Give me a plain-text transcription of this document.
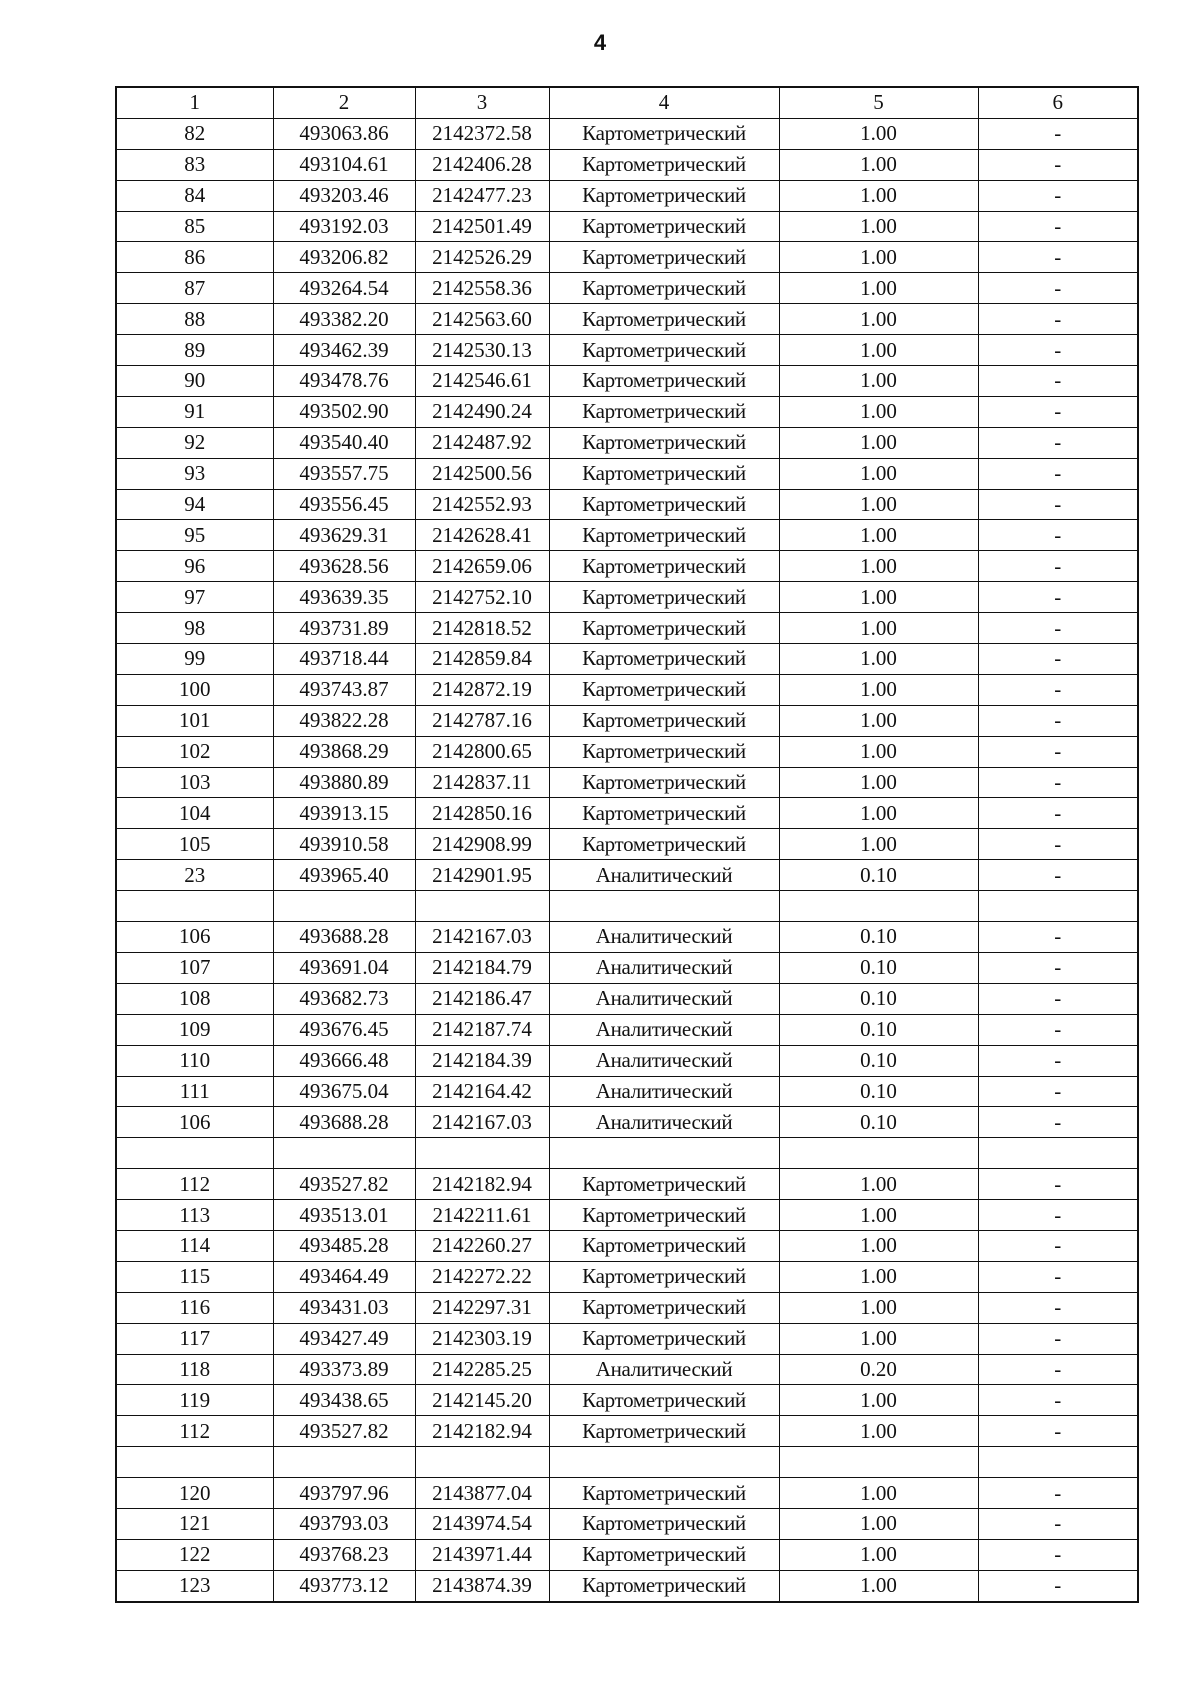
4
1	2	3	4	5	6
82	493063.86	2142372.58	Картометрический	1.00	-
83	493104.61	2142406.28	Картометрический	1.00	-
84	493203.46	2142477.23	Картометрический	1.00	-
85	493192.03	2142501.49	Картометрический	1.00	-
86	493206.82	2142526.29	Картометрический	1.00	-
87	493264.54	2142558.36	Картометрический	1.00	-
88	493382.20	2142563.60	Картометрический	1.00	-
89	493462.39	2142530.13	Картометрический	1.00	-
90	493478.76	2142546.61	Картометрический	1.00	-
91	493502.90	2142490.24	Картометрический	1.00	-
92	493540.40	2142487.92	Картометрический	1.00	-
93	493557.75	2142500.56	Картометрический	1.00	-
94	493556.45	2142552.93	Картометрический	1.00	-
95	493629.31	2142628.41	Картометрический	1.00	-
96	493628.56	2142659.06	Картометрический	1.00	-
97	493639.35	2142752.10	Картометрический	1.00	-
98	493731.89	2142818.52	Картометрический	1.00	-
99	493718.44	2142859.84	Картометрический	1.00	-
100	493743.87	2142872.19	Картометрический	1.00	-
101	493822.28	2142787.16	Картометрический	1.00	-
102	493868.29	2142800.65	Картометрический	1.00	-
103	493880.89	2142837.11	Картометрический	1.00	-
104	493913.15	2142850.16	Картометрический	1.00	-
105	493910.58	2142908.99	Картометрический	1.00	-
23	493965.40	2142901.95	Аналитический	0.10	-

106	493688.28	2142167.03	Аналитический	0.10	-
107	493691.04	2142184.79	Аналитический	0.10	-
108	493682.73	2142186.47	Аналитический	0.10	-
109	493676.45	2142187.74	Аналитический	0.10	-
110	493666.48	2142184.39	Аналитический	0.10	-
111	493675.04	2142164.42	Аналитический	0.10	-
106	493688.28	2142167.03	Аналитический	0.10	-

112	493527.82	2142182.94	Картометрический	1.00	-
113	493513.01	2142211.61	Картометрический	1.00	-
114	493485.28	2142260.27	Картометрический	1.00	-
115	493464.49	2142272.22	Картометрический	1.00	-
116	493431.03	2142297.31	Картометрический	1.00	-
117	493427.49	2142303.19	Картометрический	1.00	-
118	493373.89	2142285.25	Аналитический	0.20	-
119	493438.65	2142145.20	Картометрический	1.00	-
112	493527.82	2142182.94	Картометрический	1.00	-

120	493797.96	2143877.04	Картометрический	1.00	-
121	493793.03	2143974.54	Картометрический	1.00	-
122	493768.23	2143971.44	Картометрический	1.00	-
123	493773.12	2143874.39	Картометрический	1.00	-
